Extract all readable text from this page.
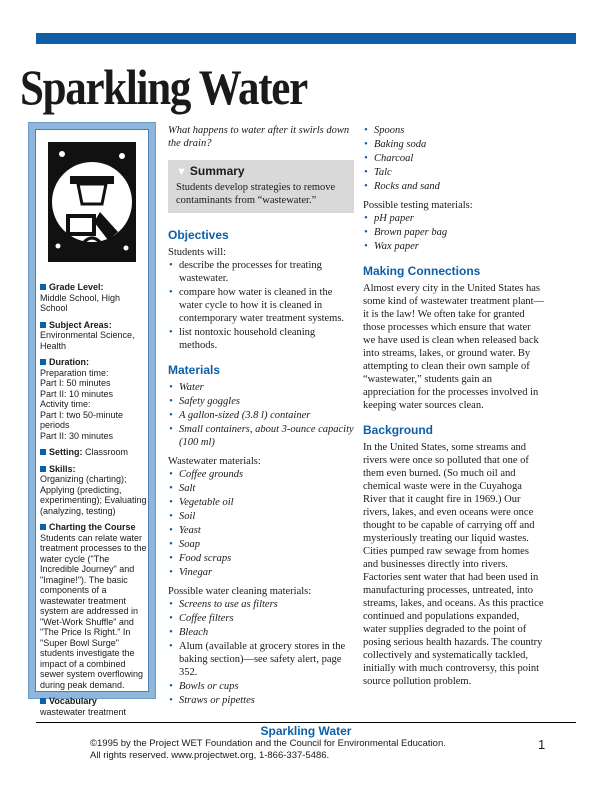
Sparkling Water
Grade Level:
Middle School, High School
Subject Areas:
Environmental Science, Health
Duration:
Preparation time:
Part I: 50 minutes
Part II: 10 minutes
Activity time:
Part I: two 50-minute periods
Part II: 30 minutes
Setting: Classroom
Skills:
Organizing (charting); Applying (predicting, experimenting); Evaluating (analyzing, testing)
Charting the Course
Students can relate water treatment processes to the water cycle ("The Incredible Journey" and "Imagine!"). The basic components of a wastewater treatment system are addressed in "Wet-Work Shuffle" and "The Price Is Right." In "Super Bowl Surge" students investigate the impact of a combined sewer system overflowing during peak demand.
Vocabulary
wastewater treatment

What happens to water after it swirls down the drain?

▼ Summary

Students develop strategies to remove contaminants from “wastewater.”

Objectives

Students will:

• describe the processes for treating wastewater.
• compare how water is cleaned in the water cycle to how it is cleaned in contemporary water treatment systems.
• list nontoxic household cleaning methods.
Materials
• Water
• Safety goggles
• A gallon-sized (3.8 l) container
• Small containers, about 3-ounce capacity (100 ml)

Wastewater materials:

• Coffee grounds
• Salt
• Vegetable oil
• Soil
• Yeast
• Soap
• Food scraps
• Vinegar

Possible water cleaning materials:

• Screens to use as filters
• Coffee filters
• Bleach
• Alum (available at grocery stores in the baking section)—see safety alert, page 352.
• Bowls or cups
• Straws or pipettes
• Spoons
• Baking soda
• Charcoal
• Talc
• Rocks and sand

Possible testing materials:

• pH paper
• Brown paper bag
• Wax paper
Making Connections

Almost every city in the United States has some kind of wastewater treatment plant—it is the law! We often take for granted those processes which ensure that water we have used is clean when released back into streams, lakes, or ground water. By attempting to clean their own sample of “wastewater,” students gain an appreciation for the processes involved in keeping water sources clean.

Background

In the United States, some streams and rivers were once so polluted that one of them even burned. (So much oil and chemical waste were in the Cuyahoga River that it caught fire in 1969.) Our rivers, lakes, and even oceans were once thought to be capable of carrying off and mysteriously treating our liquid wastes. Cities pumped raw sewage from homes and businesses directly into rivers. Factories sent water that had been used in manufacturing processes, untreated, into streams, lakes, and oceans. As this practice continued and populations expanded, water supplies degraded to the point of posing serious health hazards. The country collectively and systematically tackled, initially with much controversy, this point source pollution problem.

Sparkling Water
©1995 by the Project WET Foundation and the Council for Environmental Education.
All rights reserved. www.projectwet.org, 1-866-337-5486.
1
